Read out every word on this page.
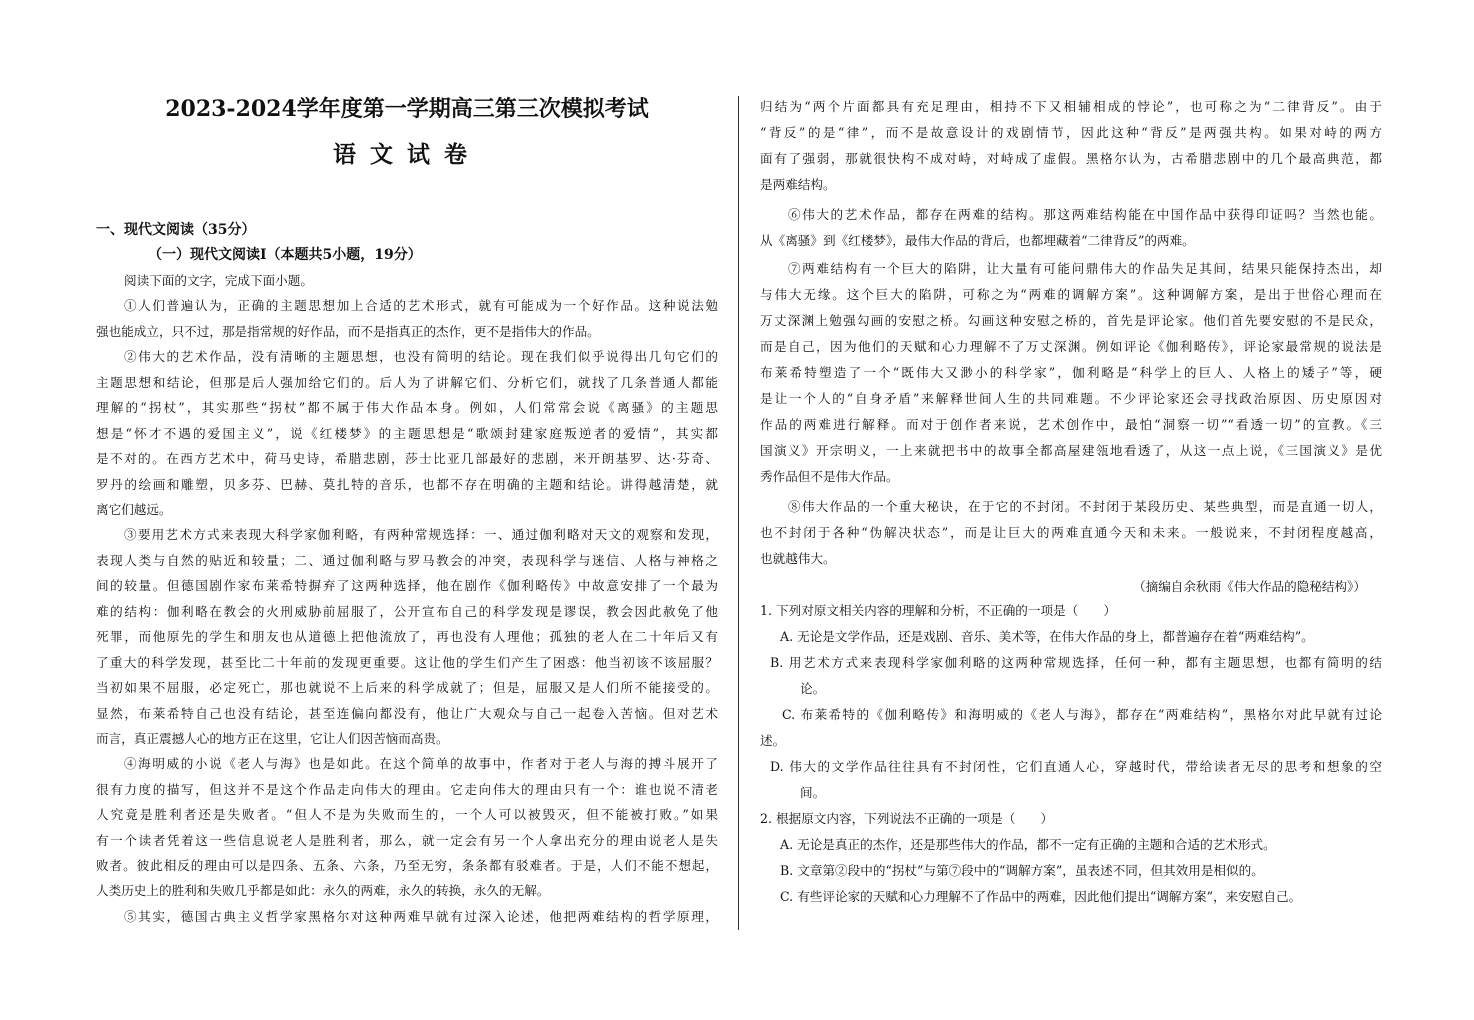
2023-2024学年度第一学期高三第三次模拟考试
语文试卷
一、现代文阅读（35分）
（一）现代文阅读Ⅰ（本题共5小题，19分）
阅读下面的文字，完成下面小题。
①人们普遍认为，正确的主题思想加上合适的艺术形式，就有可能成为一个好作品。这种说法勉
强也能成立，只不过，那是指常规的好作品，而不是指真正的杰作，更不是指伟大的作品。
②伟大的艺术作品，没有清晰的主题思想，也没有简明的结论。现在我们似乎说得出几句它们的
主题思想和结论，但那是后人强加给它们的。后人为了讲解它们、分析它们，就找了几条普通人都能
理解的“拐杖”，其实那些“拐杖”都不属于伟大作品本身。例如，人们常常会说《离骚》的主题思
想是“怀才不遇的爱国主义”，说《红楼梦》的主题思想是“歌颂封建家庭叛逆者的爱情”，其实都
是不对的。在西方艺术中，荷马史诗，希腊悲剧，莎士比亚几部最好的悲剧，米开朗基罗、达·芬奇、
罗丹的绘画和雕塑，贝多芬、巴赫、莫扎特的音乐，也都不存在明确的主题和结论。讲得越清楚，就
离它们越远。
③要用艺术方式来表现大科学家伽利略，有两种常规选择：一、通过伽利略对天文的观察和发现，
表现人类与自然的贴近和较量；二、通过伽利略与罗马教会的冲突，表现科学与迷信、人格与神格之
间的较量。但德国剧作家布莱希特摒弃了这两种选择，他在剧作《伽利略传》中故意安排了一个最为
难的结构：伽利略在教会的火刑威胁前屈服了，公开宣布自己的科学发现是谬误，教会因此赦免了他
死罪，而他原先的学生和朋友也从道德上把他流放了，再也没有人理他；孤独的老人在二十年后又有
了重大的科学发现，甚至比二十年前的发现更重要。这让他的学生们产生了困惑：他当初该不该屈服？
当初如果不屈服，必定死亡，那也就说不上后来的科学成就了；但是，屈服又是人们所不能接受的。
显然，布莱希特自己也没有结论，甚至连偏向都没有，他让广大观众与自己一起卷入苦恼。但对艺术
而言，真正震撼人心的地方正在这里，它让人们因苦恼而高贵。
④海明威的小说《老人与海》也是如此。在这个简单的故事中，作者对于老人与海的搏斗展开了
很有力度的描写，但这并不是这个作品走向伟大的理由。它走向伟大的理由只有一个：谁也说不清老
人究竟是胜利者还是失败者。“但人不是为失败而生的，一个人可以被毁灭，但不能被打败。”如果
有一个读者凭着这一些信息说老人是胜利者，那么，就一定会有另一个人拿出充分的理由说老人是失
败者。彼此相反的理由可以是四条、五条、六条，乃至无穷，条条都有驳难者。于是，人们不能不想起，
人类历史上的胜利和失败几乎都是如此：永久的两难，永久的转换，永久的无解。
⑤其实，德国古典主义哲学家黑格尔对这种两难早就有过深入论述，他把两难结构的哲学原理，
归结为“两个片面都具有充足理由，相持不下又相辅相成的悖论”，也可称之为“二律背反”。由于
“背反”的是“律”，而不是故意设计的戏剧情节，因此这种“背反”是两强共构。如果对峙的两方
面有了强弱，那就很快构不成对峙，对峙成了虚假。黑格尔认为，古希腊悲剧中的几个最高典范，都
是两难结构。
⑥伟大的艺术作品，都存在两难的结构。那这两难结构能在中国作品中获得印证吗？当然也能。
从《离骚》到《红楼梦》，最伟大作品的背后，也都埋藏着“二律背反”的两难。
⑦两难结构有一个巨大的陷阱，让大量有可能问鼎伟大的作品失足其间，结果只能保持杰出，却
与伟大无缘。这个巨大的陷阱，可称之为“两难的调解方案”。这种调解方案，是出于世俗心理而在
万丈深渊上勉强勾画的安慰之桥。勾画这种安慰之桥的，首先是评论家。他们首先要安慰的不是民众，
而是自己，因为他们的天赋和心力理解不了万丈深渊。例如评论《伽利略传》，评论家最常规的说法是
布莱希特塑造了一个“既伟大又渺小的科学家”，伽利略是“科学上的巨人、人格上的矮子”等，硬
是让一个人的“自身矛盾”来解释世间人生的共同难题。不少评论家还会寻找政治原因、历史原因对
作品的两难进行解释。而对于创作者来说，艺术创作中，最怕“洞察一切”“看透一切”的宣教。《三
国演义》开宗明义，一上来就把书中的故事全都高屋建瓴地看透了，从这一点上说，《三国演义》是优
秀作品但不是伟大作品。
⑧伟大作品的一个重大秘诀，在于它的不封闭。不封闭于某段历史、某些典型，而是直通一切人，
也不封闭于各种“伪解决状态”，而是让巨大的两难直通今天和未来。一般说来，不封闭程度越高，
也就越伟大。
（摘编自余秋雨《伟大作品的隐秘结构》）
1. 下列对原文相关内容的理解和分析，不正确的一项是（　　）
A. 无论是文学作品，还是戏剧、音乐、美术等，在伟大作品的身上，都普遍存在着“两难结构”。
B. 用艺术方式来表现科学家伽利略的这两种常规选择，任何一种，都有主题思想，也都有简明的结
论。
C. 布莱希特的《伽利略传》和海明威的《老人与海》，都存在“两难结构”，黑格尔对此早就有过论
述。
D. 伟大的文学作品往往具有不封闭性，它们直通人心，穿越时代，带给读者无尽的思考和想象的空
间。
2. 根据原文内容，下列说法不正确的一项是（　　）
A. 无论是真正的杰作，还是那些伟大的作品，都不一定有正确的主题和合适的艺术形式。
B. 文章第②段中的“拐杖”与第⑦段中的“调解方案”，虽表述不同，但其效用是相似的。
C. 有些评论家的天赋和心力理解不了作品中的两难，因此他们提出“调解方案”，来安慰自己。
